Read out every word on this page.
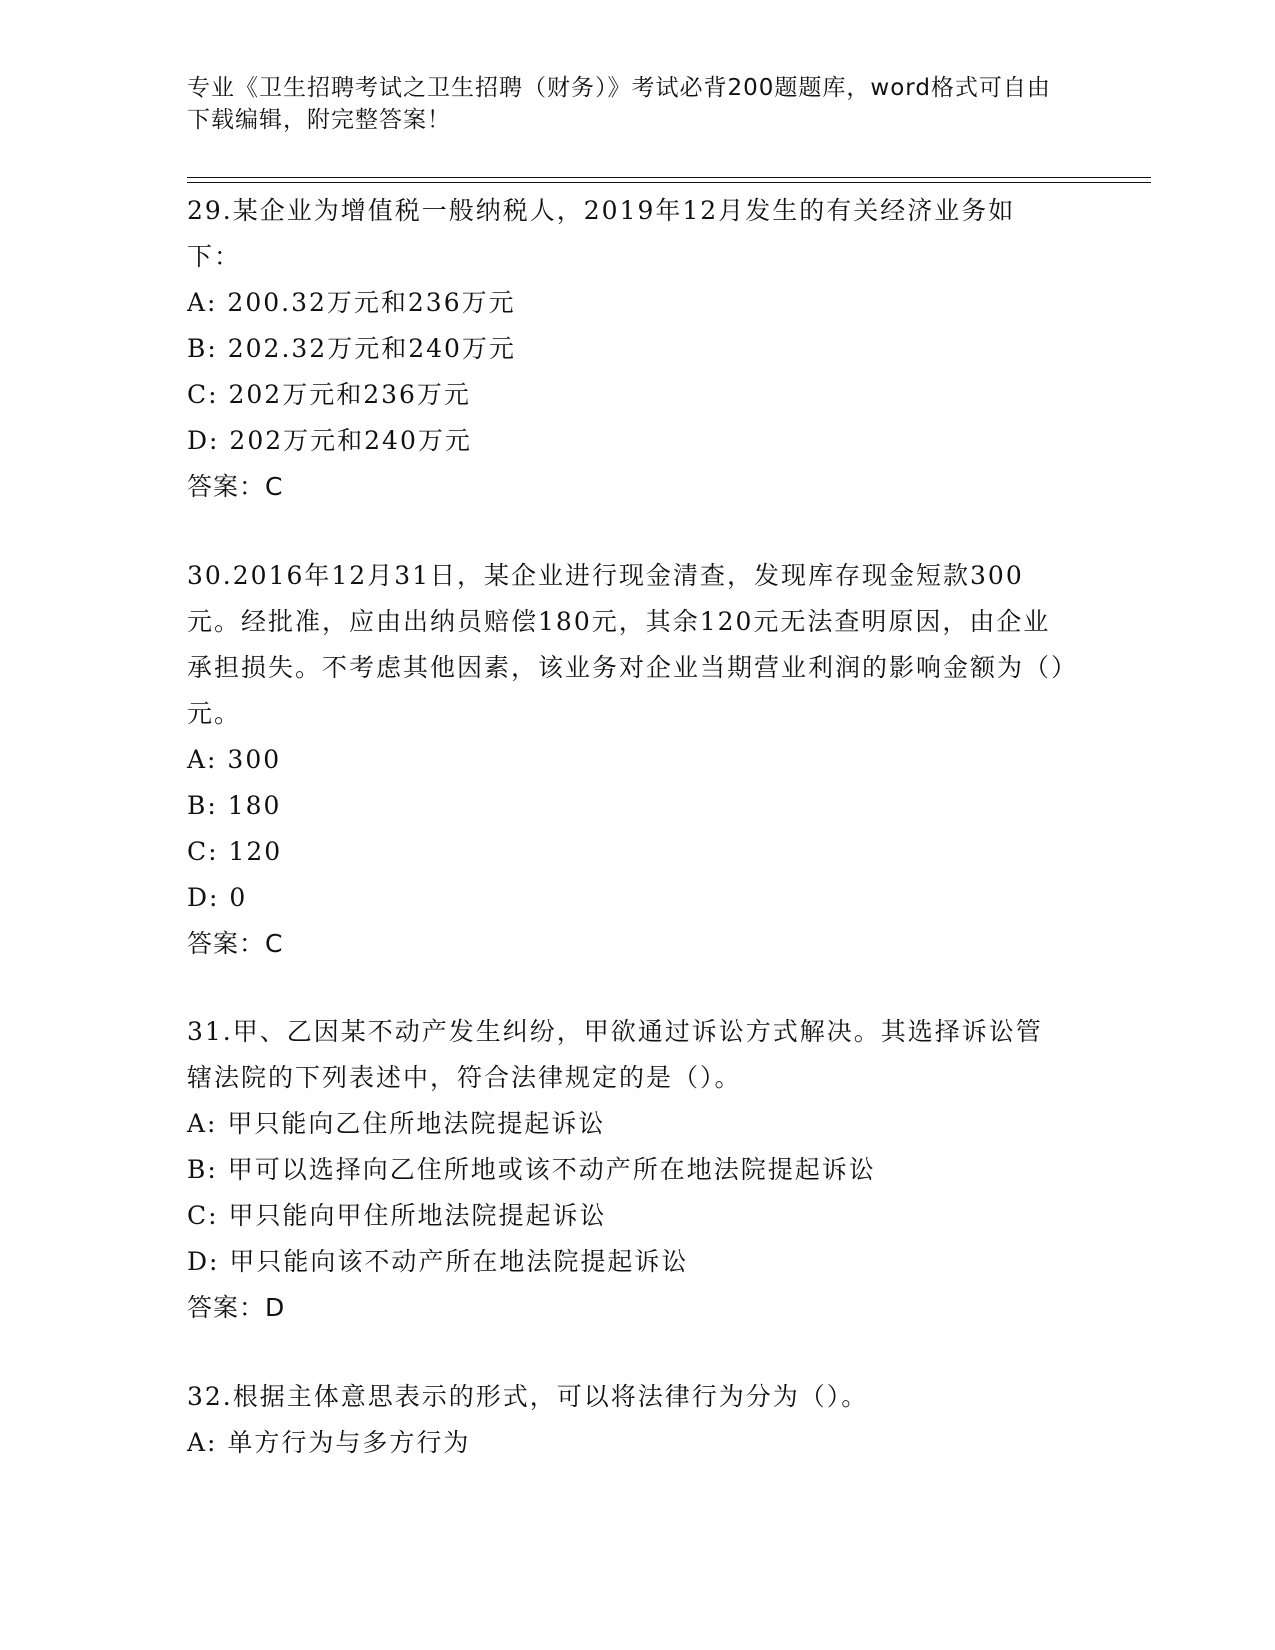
专业《卫生招聘考试之卫生招聘（财务）》考试必背200题题库，word格式可自由下载编辑，附完整答案！
29.某企业为增值税一般纳税人，2019年12月发生的有关经济业务如下：
A: 200.32万元和236万元
B: 202.32万元和240万元
C: 202万元和236万元
D: 202万元和240万元
答案：C
30.2016年12月31日，某企业进行现金清查，发现库存现金短款300元。经批准，应由出纳员赔偿180元，其余120元无法查明原因，由企业承担损失。不考虑其他因素，该业务对企业当期营业利润的影响金额为（）元。
A: 300
B: 180
C: 120
D: 0
答案：C
31.甲、乙因某不动产发生纠纷，甲欲通过诉讼方式解决。其选择诉讼管辖法院的下列表述中，符合法律规定的是（）。
A: 甲只能向乙住所地法院提起诉讼
B: 甲可以选择向乙住所地或该不动产所在地法院提起诉讼
C: 甲只能向甲住所地法院提起诉讼
D: 甲只能向该不动产所在地法院提起诉讼
答案：D
32.根据主体意思表示的形式，可以将法律行为分为（）。
A: 单方行为与多方行为
